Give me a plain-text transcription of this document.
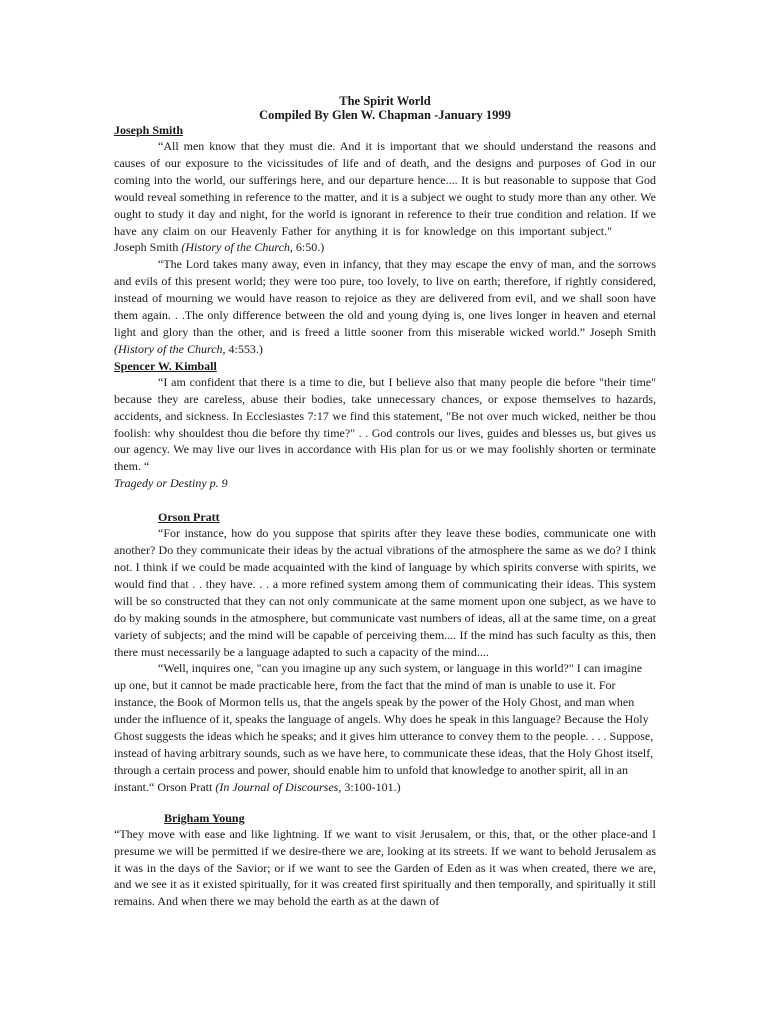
The Spirit World
Compiled By Glen W. Chapman -January 1999
Joseph Smith

“All men know that they must die. And it is important that we should understand the reasons and causes of our exposure to the vicissitudes of life and of death, and the designs and purposes of God in our coming into the world, our sufferings here, and our departure hence.... It is but reasonable to suppose that God would reveal something in reference to the matter, and it is a subject we ought to study more than any other. We ought to study it day and night, for the world is ignorant in reference to their true condition and relation. If we have any claim on our Heavenly Father for anything it is for knowledge on this important subject."Joseph Smith (History of the Church, 6:50.)

“The Lord takes many away, even in infancy, that they may escape the envy of man, and the sorrows and evils of this present world; they were too pure, too lovely, to live on earth; therefore, if rightly considered, instead of mourning we would have reason to rejoice as they are delivered from evil, and we shall soon have them again. . .The only difference between the old and young dying is, one lives longer in heaven and eternal light and glory than the other, and is freed a little sooner from this miserable wicked world.” Joseph Smith (History of the Church, 4:553.)

Spencer W. Kimball

“I am confident that there is a time to die, but I believe also that many people die before "their time" because they are careless, abuse their bodies, take unnecessary chances, or expose themselves to hazards, accidents, and sickness. In Ecclesiastes 7:17 we find this statement, "Be not over much wicked, neither be thou foolish: why shouldest thou die before thy time?" . . God controls our lives, guides and blesses us, but gives us our agency. We may live our lives in accordance with His plan for us or we may foolishly shorten or terminate them. “

Tragedy or Destiny p. 9
Orson Pratt

“For instance, how do you suppose that spirits after they leave these bodies, communicate one with another? Do they communicate their ideas by the actual vibrations of the atmosphere the same as we do? I think not. I think if we could be made acquainted with the kind of language by which spirits converse with spirits, we would find that . . they have. . . a more refined system among them of communicating their ideas. This system will be so constructed that they can not only communicate at the same moment upon one subject, as we have to do by making sounds in the atmosphere, but communicate vast numbers of ideas, all at the same time, on a great variety of subjects; and the mind will be capable of perceiving them.... If the mind has such faculty as this, then there must necessarily be a language adapted to such a capacity of the mind....

“Well, inquires one, "can you imagine up any such system, or language in this world?" I can imagine up one, but it cannot be made practicable here, from the fact that the mind of man is unable to use it. For instance, the Book of Mormon tells us, that the angels speak by the power of the Holy Ghost, and man when under the influence of it, speaks the language of angels. Why does he speak in this language? Because the Holy Ghost suggests the ideas which he speaks; and it gives him utterance to convey them to the people. . . . Suppose, instead of having arbitrary sounds, such as we have here, to communicate these ideas, that the Holy Ghost itself, through a certain process and power, should enable him to unfold that knowledge to another spirit, all in an instant.“ Orson Pratt (In Journal of Discourses, 3:100-101.)

Brigham Young

“They move with ease and like lightning. If we want to visit Jerusalem, or this, that, or the other place-and I presume we will be permitted if we desire-there we are, looking at its streets. If we want to behold Jerusalem as it was in the days of the Savior; or if we want to see the Garden of Eden as it was when created, there we are, and we see it as it existed spiritually, for it was created first spiritually and then temporally, and spiritually it still remains. And when there we may behold the earth as at the dawn of
